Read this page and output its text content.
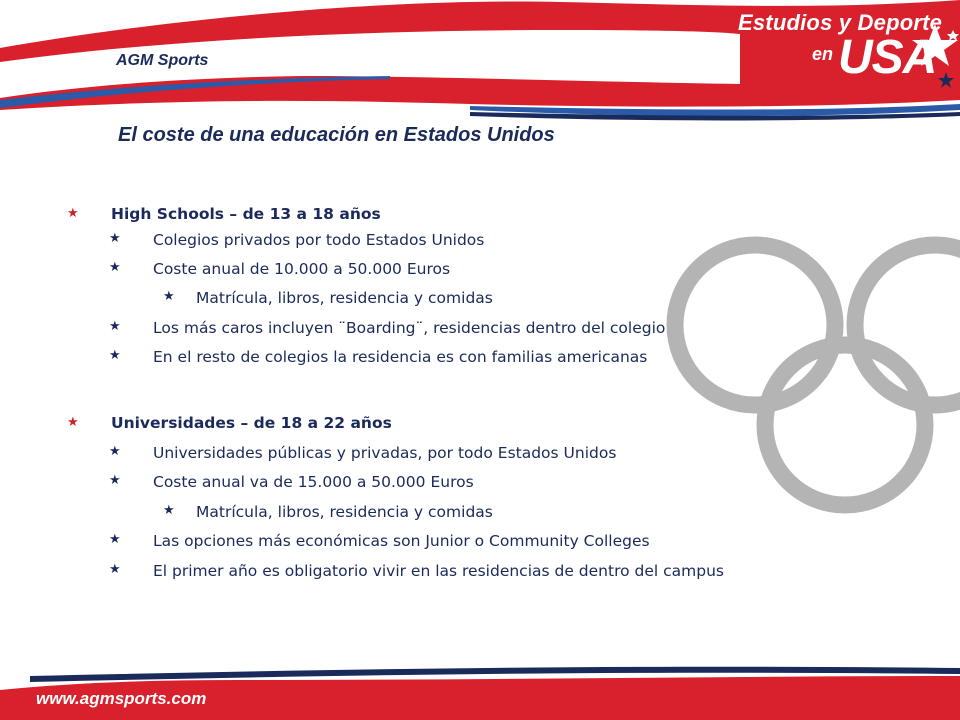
AGM Sports
Estudios y Deporte
en USA
El coste de una educación en Estados Unidos
★ High Schools – de 13 a 18 años
★ Colegios privados por todo Estados Unidos
★ Coste anual de 10.000 a 50.000 Euros
★ Matrícula, libros, residencia y comidas
★ Los más caros incluyen ¨Boarding¨, residencias dentro del colegio
★ En el resto de colegios la residencia es con familias americanas
★ Universidades – de 18 a 22 años
★ Universidades públicas y privadas, por todo Estados Unidos
★ Coste anual va de 15.000 a 50.000 Euros
★ Matrícula, libros, residencia y comidas
★ Las opciones más económicas son Junior o Community Colleges
★ El primer año es obligatorio vivir en las residencias de dentro del campus
www.agmsports.com
